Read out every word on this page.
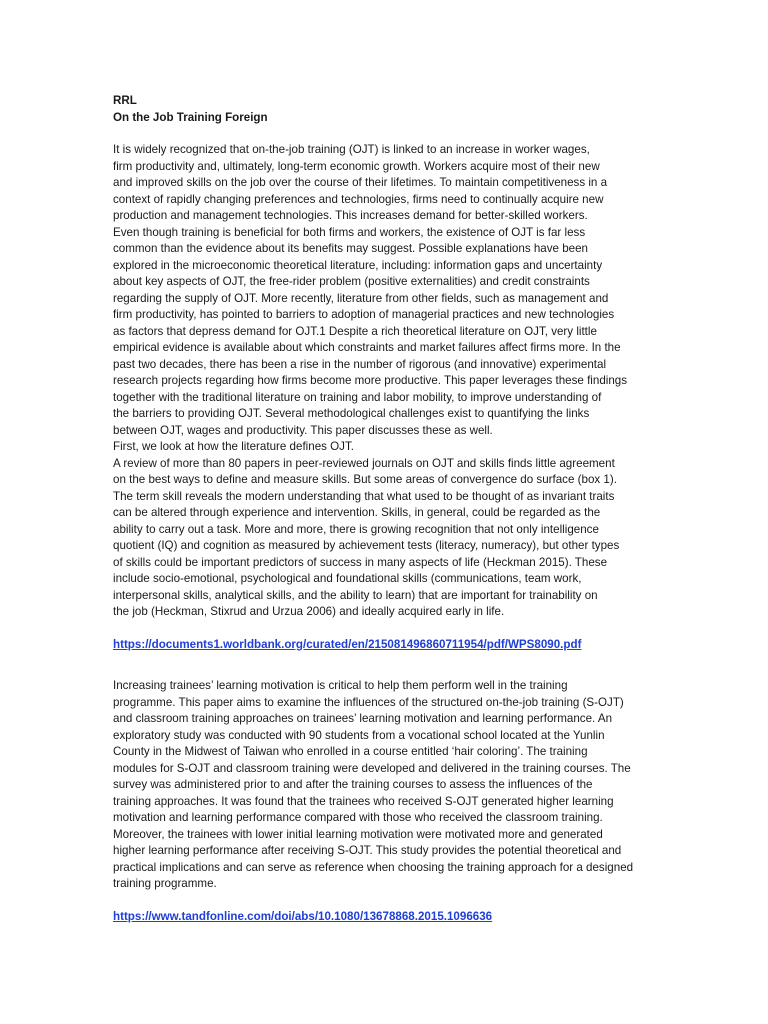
RRL

On the Job Training Foreign

It is widely recognized that on-the-job training (OJT) is linked to an increase in worker wages,
firm productivity and, ultimately, long-term economic growth. Workers acquire most of their new
and improved skills on the job over the course of their lifetimes. To maintain competitiveness in a
context of rapidly changing preferences and technologies, firms need to continually acquire new
production and management technologies. This increases demand for better-skilled workers.
Even though training is beneficial for both firms and workers, the existence of OJT is far less
common than the evidence about its benefits may suggest. Possible explanations have been
explored in the microeconomic theoretical literature, including: information gaps and uncertainty
about key aspects of OJT, the free-rider problem (positive externalities) and credit constraints
regarding the supply of OJT. More recently, literature from other fields, such as management and
firm productivity, has pointed to barriers to adoption of managerial practices and new technologies
as factors that depress demand for OJT.1 Despite a rich theoretical literature on OJT, very little
empirical evidence is available about which constraints and market failures affect firms more. In the
past two decades, there has been a rise in the number of rigorous (and innovative) experimental
research projects regarding how firms become more productive. This paper leverages these findings
together with the traditional literature on training and labor mobility, to improve understanding of
the barriers to providing OJT. Several methodological challenges exist to quantifying the links
between OJT, wages and productivity. This paper discusses these as well.
First, we look at how the literature defines OJT.
A review of more than 80 papers in peer-reviewed journals on OJT and skills finds little agreement
on the best ways to define and measure skills. But some areas of convergence do surface (box 1).
The term skill reveals the modern understanding that what used to be thought of as invariant traits
can be altered through experience and intervention. Skills, in general, could be regarded as the
ability to carry out a task. More and more, there is growing recognition that not only intelligence
quotient (IQ) and cognition as measured by achievement tests (literacy, numeracy), but other types
of skills could be important predictors of success in many aspects of life (Heckman 2015). These
include socio-emotional, psychological and foundational skills (communications, team work,
interpersonal skills, analytical skills, and the ability to learn) that are important for trainability on
the job (Heckman, Stixrud and Urzua 2006) and ideally acquired early in life.

https://documents1.worldbank.org/curated/en/215081496860711954/pdf/WPS8090.pdf

Increasing trainees’ learning motivation is critical to help them perform well in the training
programme. This paper aims to examine the influences of the structured on-the-job training (S-OJT)
and classroom training approaches on trainees’ learning motivation and learning performance. An
exploratory study was conducted with 90 students from a vocational school located at the Yunlin
County in the Midwest of Taiwan who enrolled in a course entitled ‘hair coloring’. The training
modules for S-OJT and classroom training were developed and delivered in the training courses. The
survey was administered prior to and after the training courses to assess the influences of the
training approaches. It was found that the trainees who received S-OJT generated higher learning
motivation and learning performance compared with those who received the classroom training.
Moreover, the trainees with lower initial learning motivation were motivated more and generated
higher learning performance after receiving S-OJT. This study provides the potential theoretical and
practical implications and can serve as reference when choosing the training approach for a designed
training programme.

https://www.tandfonline.com/doi/abs/10.1080/13678868.2015.1096636
